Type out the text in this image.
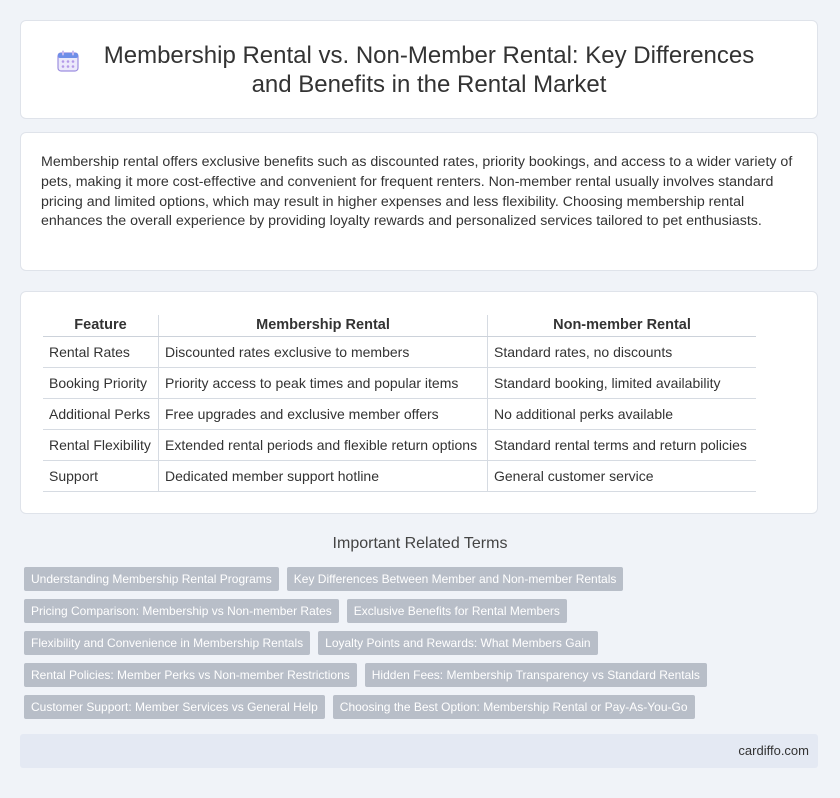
Membership Rental vs. Non-Member Rental: Key Differences and Benefits in the Rental Market

Membership rental offers exclusive benefits such as discounted rates, priority bookings, and access to a wider variety of pets, making it more cost-effective and convenient for frequent renters. Non-member rental usually involves standard pricing and limited options, which may result in higher expenses and less flexibility. Choosing membership rental enhances the overall experience by providing loyalty rewards and personalized services tailored to pet enthusiasts.

Feature	Membership Rental	Non-member Rental
Rental Rates	Discounted rates exclusive to members	Standard rates, no discounts
Booking Priority	Priority access to peak times and popular items	Standard booking, limited availability
Additional Perks	Free upgrades and exclusive member offers	No additional perks available
Rental Flexibility	Extended rental periods and flexible return options	Standard rental terms and return policies
Support	Dedicated member support hotline	General customer service
Important Related Terms
Understanding Membership Rental Programs	Key Differences Between Member and Non-member Rentals
Pricing Comparison: Membership vs Non-member Rates	Exclusive Benefits for Rental Members
Flexibility and Convenience in Membership Rentals	Loyalty Points and Rewards: What Members Gain
Rental Policies: Member Perks vs Non-member Restrictions	Hidden Fees: Membership Transparency vs Standard Rentals
Customer Support: Member Services vs General Help	Choosing the Best Option: Membership Rental or Pay-As-You-Go
cardiffo.com
